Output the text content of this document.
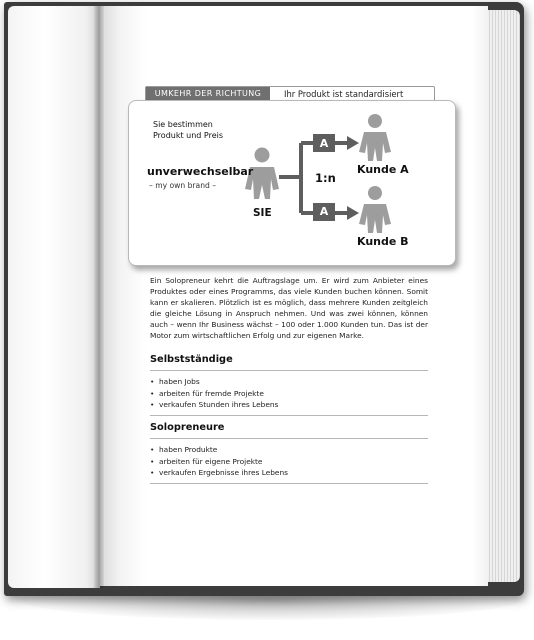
UMKEHR DER RICHTUNG	Ihr Produkt ist standardisiert
Sie bestimmen Produkt und Preis
unverwechselbar
– my own brand –
SIE
1:n
A
A
Kunde A
Kunde B
Ein Solopreneur kehrt die Auftragslage um. Er wird zum Anbieter eines Produktes oder eines Programms, das viele Kunden buchen können. Somit kann er skalieren. Plötzlich ist es möglich, dass mehrere Kunden zeitgleich die gleiche Lösung in Anspruch nehmen. Und was zwei können, können auch – wenn Ihr Business wächst – 100 oder 1.000 Kunden tun. Das ist der Motor zum wirtschaftlichen Erfolg und zur eigenen Marke.
Selbstständige
• haben Jobs
• arbeiten für fremde Projekte
• verkaufen Stunden ihres Lebens
Solopreneure
• haben Produkte
• arbeiten für eigene Projekte
• verkaufen Ergebnisse ihres Lebens
